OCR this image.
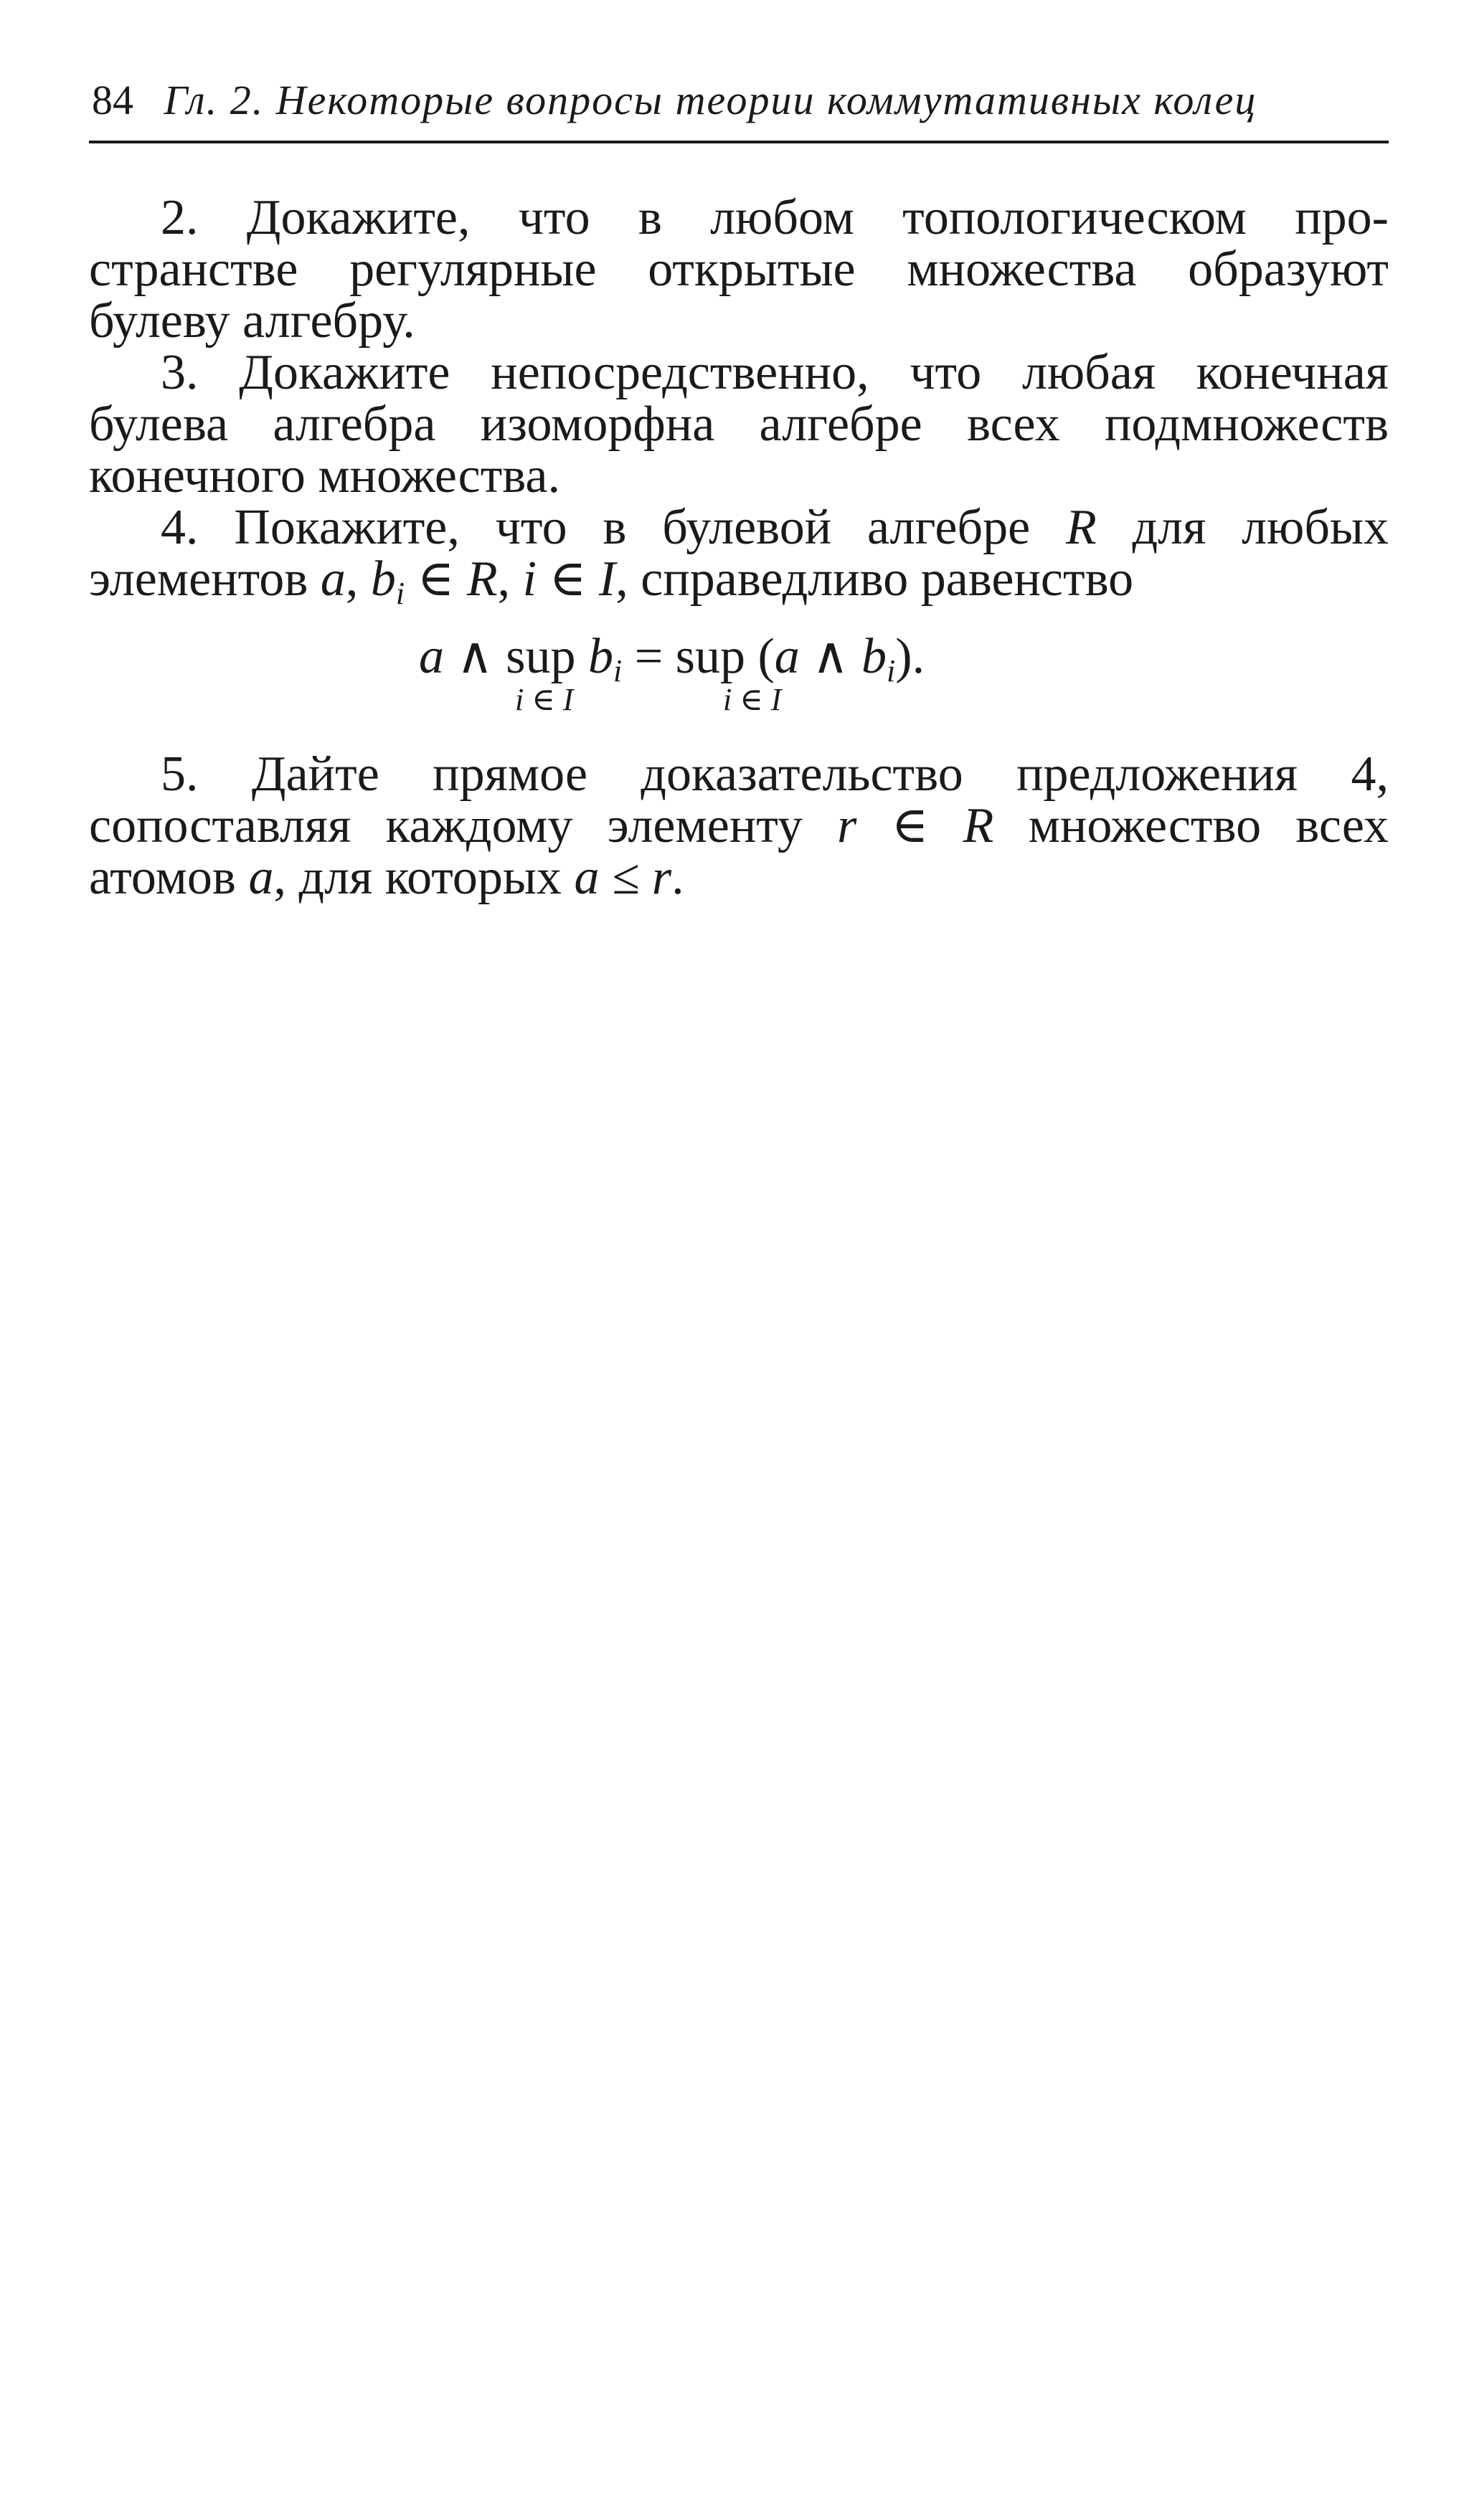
84 Гл. 2. Некоторые вопросы теории коммутативных колец
2. Докажите, что в любом топологическом про-
странстве регулярные открытые множества образуют
булеву алгебру.
3. Докажите непосредственно, что любая конечная
булева алгебра изоморфна алгебре всех подмножеств
конечного множества.
4. Покажите, что в булевой алгебре R для любых
элементов a, bi ∈ R, i ∈ I, справедливо равенство
a ∧ sup bi = sup (a ∧ bi).
i ∈ I	i ∈ I
5. Дайте прямое доказательство предложения 4,
сопоставляя каждому элементу r ∈ R множество всех
атомов a, для которых a ≤ r.
